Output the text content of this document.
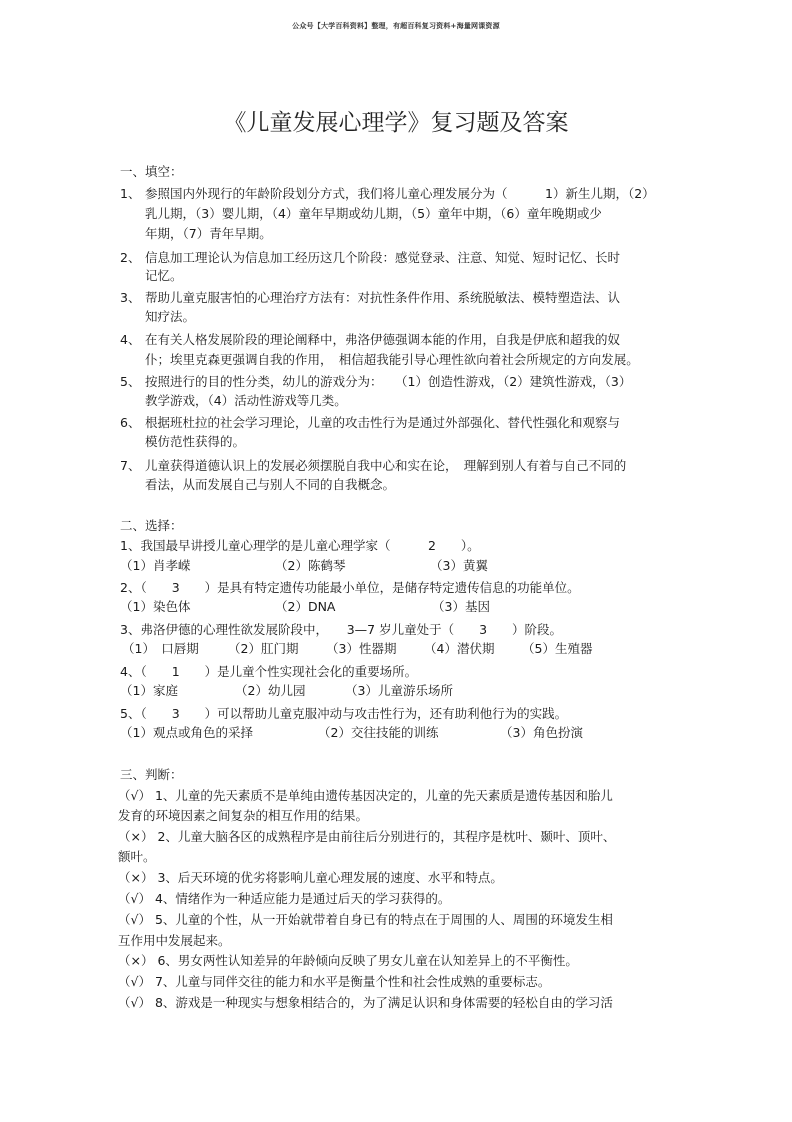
公众号【大学百科资料】整理，有超百科复习资料+海量网课资源
《儿童发展心理学》复习题及答案
一、填空：
1、 参照国内外现行的年龄阶段划分方式，我们将儿童心理发展分为（　　　1）新生儿期，（2）
乳儿期，（3）婴儿期，（4）童年早期或幼儿期，（5）童年中期，（6）童年晚期或少
年期，（7）青年早期。
2、 信息加工理论认为信息加工经历这几个阶段：感觉登录、注意、知觉、短时记忆、长时
记忆。
3、 帮助儿童克服害怕的心理治疗方法有：对抗性条件作用、系统脱敏法、模特塑造法、认
知疗法。
4、 在有关人格发展阶段的理论阐释中，弗洛伊德强调本能的作用，自我是伊底和超我的奴
仆；埃里克森更强调自我的作用，　相信超我能引导心理性欲向着社会所规定的方向发展。
5、 按照进行的目的性分类，幼儿的游戏分为：　　（1）创造性游戏，（2）建筑性游戏，（3）
教学游戏，（4）活动性游戏等几类。
6、 根据班杜拉的社会学习理论，儿童的攻击性行为是通过外部强化、替代性强化和观察与
模仿范性获得的。
7、 儿童获得道德认识上的发展必须摆脱自我中心和实在论，　理解到别人有着与自己不同的
看法，从而发展自己与别人不同的自我概念。
二、选择：
1、我国最早讲授儿童心理学的是儿童心理学家（　　　2　　）。
（1）肖孝嵘	（2）陈鹤琴	（3）黄翼
2、（　　3　　）是具有特定遗传功能最小单位，是储存特定遗传信息的功能单位。
（1）染色体	（2）DNA	（3）基因
3、弗洛伊德的心理性欲发展阶段中，　　3—7 岁儿童处于（　　3　　）阶段。
（1）　口唇期 （2）肛门期 （3）性器期 （4）潜伏期 （5）生殖器
4、（　　1　　）是儿童个性实现社会化的重要场所。
（1）家庭	（2）幼儿园	（3）儿童游乐场所
5、（　　3　　）可以帮助儿童克服冲动与攻击性行为，还有助利他行为的实践。
（1）观点或角色的采择	（2）交往技能的训练	（3）角色扮演
三、判断：
（√） 1、儿童的先天素质不是单纯由遗传基因决定的，儿童的先天素质是遗传基因和胎儿
发育的环境因素之间复杂的相互作用的结果。
（×） 2、儿童大脑各区的成熟程序是由前往后分别进行的，其程序是枕叶、颞叶、顶叶、
额叶。
（×） 3、后天环境的优劣将影响儿童心理发展的速度、水平和特点。
（√） 4、情绪作为一种适应能力是通过后天的学习获得的。
（√） 5、儿童的个性，从一开始就带着自身已有的特点在于周围的人、周围的环境发生相
互作用中发展起来。
（×） 6、男女两性认知差异的年龄倾向反映了男女儿童在认知差异上的不平衡性。
（√） 7、儿童与同伴交往的能力和水平是衡量个性和社会性成熟的重要标志。
（√） 8、游戏是一种现实与想象相结合的，为了满足认识和身体需要的轻松自由的学习活
